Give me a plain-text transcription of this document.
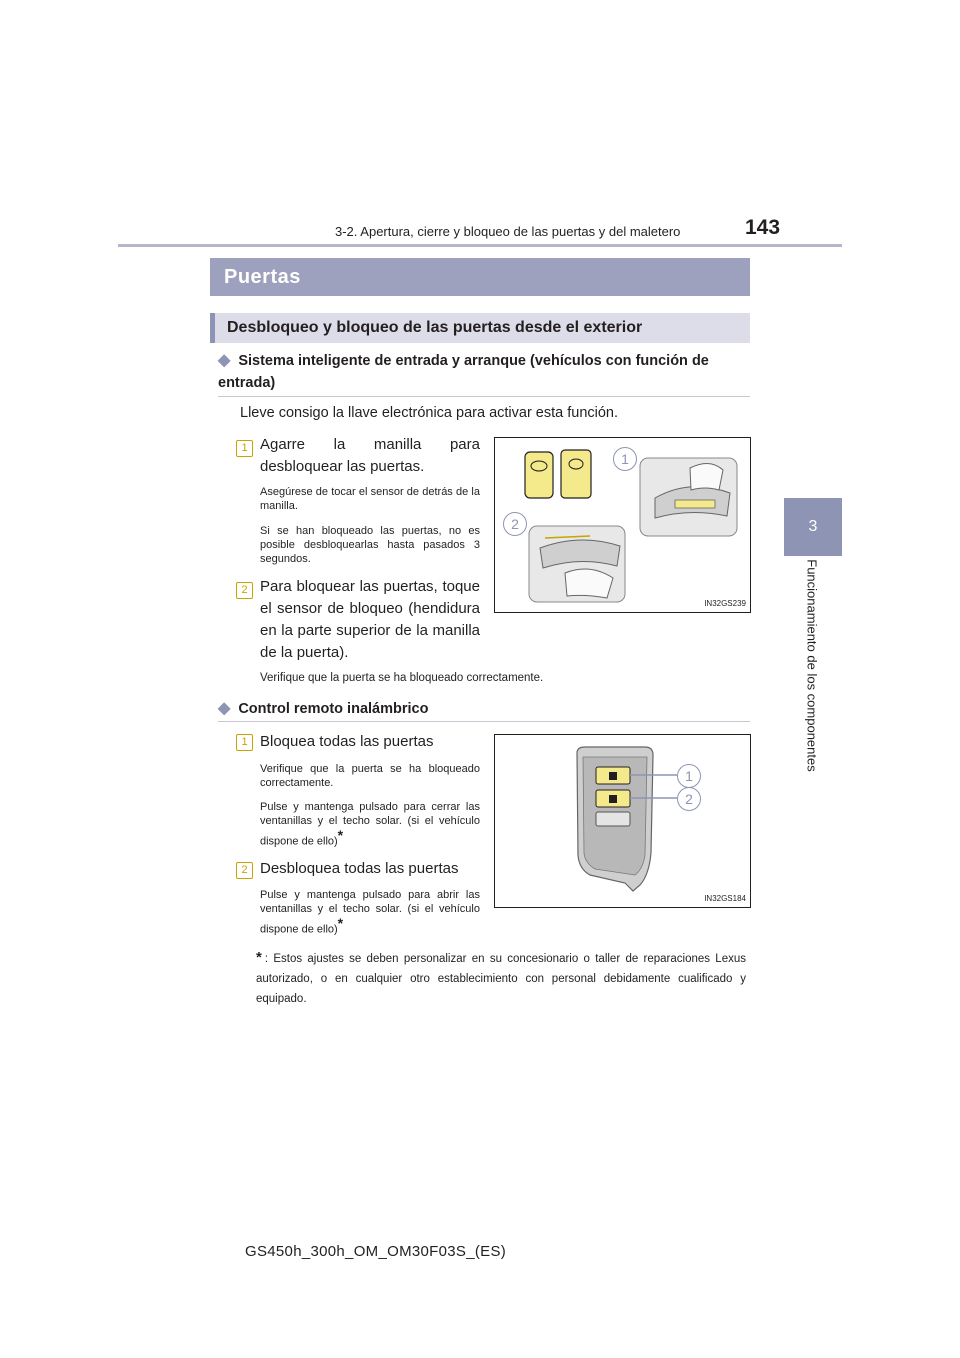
3-2. Apertura, cierre y bloqueo de las puertas y del maletero	143
3
Funcionamiento de los componentes
Puertas
Desbloqueo y bloqueo de las puertas desde el exterior
◆ Sistema inteligente de entrada y arranque (vehículos con función de entrada)
Lleve consigo la llave electrónica para activar esta función.
1 Agarre la manilla para desbloquear las puertas.
Asegúrese de tocar el sensor de detrás de la manilla.
Si se han bloqueado las puertas, no es posible desbloquearlas hasta pasados 3 segundos.
2 Para bloquear las puertas, toque el sensor de bloqueo (hendidura en la parte superior de la manilla de la puerta).
Verifique que la puerta se ha bloqueado correctamente.
1
2
IN32GS239
◆ Control remoto inalámbrico
1 Bloquea todas las puertas
Verifique que la puerta se ha bloqueado correctamente.
Pulse y mantenga pulsado para cerrar las ventanillas y el techo solar. (si el vehículo dispone de ello)*
2 Desbloquea todas las puertas
Pulse y mantenga pulsado para abrir las ventanillas y el techo solar. (si el vehículo dispone de ello)*
1
2
IN32GS184
* : Estos ajustes se deben personalizar en su concesionario o taller de reparaciones Lexus autorizado, o en cualquier otro establecimiento con personal debidamente cualificado y equipado.
GS450h_300h_OM_OM30F03S_(ES)
